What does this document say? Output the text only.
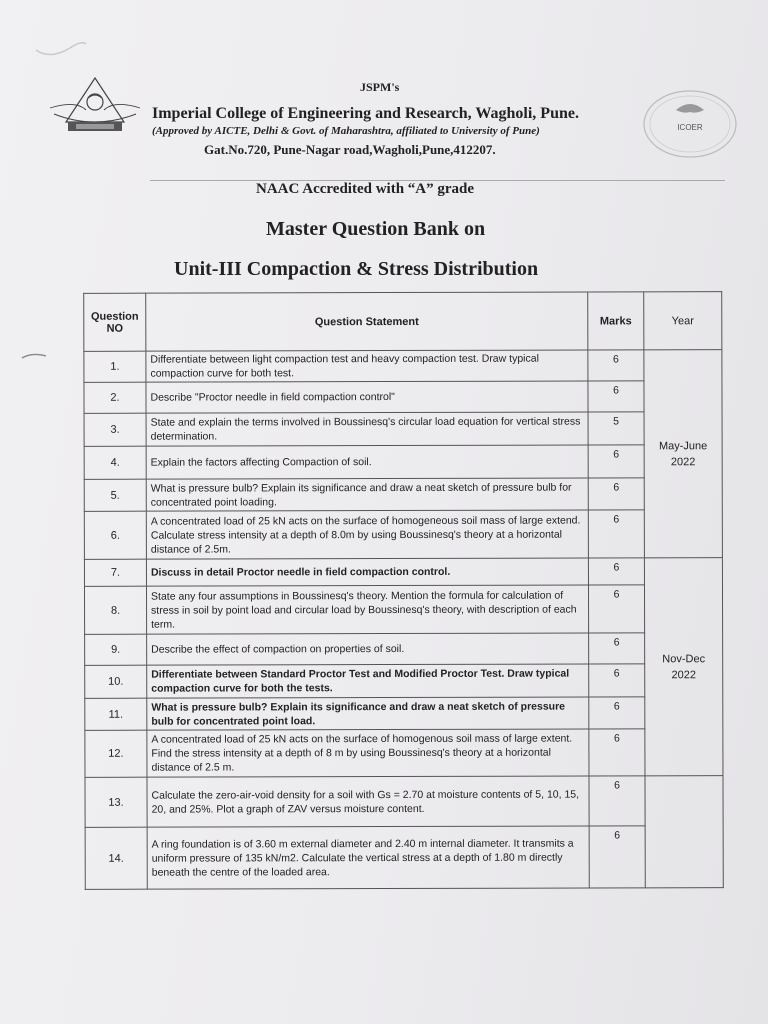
JSPM's
Imperial College of Engineering and Research, Wagholi, Pune.
(Approved by AICTE, Delhi & Govt. of Maharashtra, affiliated to University of Pune)
Gat.No.720, Pune-Nagar road,Wagholi,Pune,412207.
ICOER
NAAC Accredited with “A” grade
Master Question Bank on
Unit-III Compaction & Stress Distribution
Question NO	Question Statement	Marks	Year
1.	Differentiate between light compaction test and heavy compaction test. Draw typical compaction curve for both test.	6	May-June 2022
2.	Describe "Proctor needle in field compaction control"	6	
3.	State and explain the terms involved in Boussinesq's circular load equation for vertical stress determination.	5	
4.	Explain the factors affecting Compaction of soil.	6	
5.	What is pressure bulb? Explain its significance and draw a neat sketch of pressure bulb for concentrated point loading.	6	
6.	A concentrated load of 25 kN acts on the surface of homogeneous soil mass of large extend. Calculate stress intensity at a depth of 8.0m by using Boussinesq's theory at a horizontal distance of 2.5m.	6	
7.	Discuss in detail Proctor needle in field compaction control.	6	Nov-Dec 2022
8.	State any four assumptions in Boussinesq's theory. Mention the formula for calculation of stress in soil by point load and circular load by Boussinesq's theory, with description of each term.	6	
9.	Describe the effect of compaction on properties of soil.	6	
10.	Differentiate between Standard Proctor Test and Modified Proctor Test. Draw typical compaction curve for both the tests.	6	
11.	What is pressure bulb? Explain its significance and draw a neat sketch of pressure bulb for concentrated point load.	6	
12.	A concentrated load of 25 kN acts on the surface of homogenous soil mass of large extent. Find the stress intensity at a depth of 8 m by using Boussinesq's theory at a horizontal distance of 2.5 m.	6	
13.	Calculate the zero-air-void density for a soil with Gs = 2.70 at moisture contents of 5, 10, 15, 20, and 25%. Plot a graph of ZAV versus moisture content.	6	
14.	A ring foundation is of 3.60 m external diameter and 2.40 m internal diameter. It transmits a uniform pressure of 135 kN/m2. Calculate the vertical stress at a depth of 1.80 m directly beneath the centre of the loaded area.	6	
